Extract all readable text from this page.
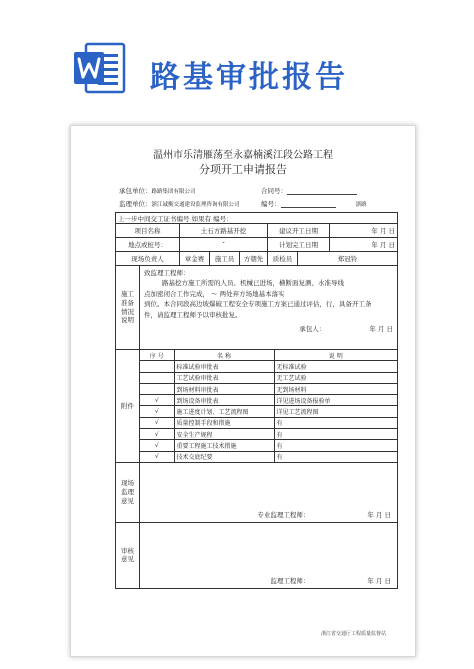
路基审批报告
温州市乐清雁荡至永嘉楠溪江段公路工程
分项开工申请报告
承包单位：路路集团有限公司	合同号：
监理单位：浙江诚衡交通建设监理咨询有限公司	编号：	浙路
上一步中间交工证书编号 如果有 编号：
项目名称	土石方路基开挖	建议开工日期	年 月 日
地点或桩号：	ˇ	计划完工日期	年 月 日
现场负责人	章金赛	施工员	方朝先	质检员	郑冠铃
施工准备情况说明	
致监理工程师：
路基挖方施工所需的人员、机械已进场，横断面复测、水准导线
点加密闭合工作完成， ～ 两处弃方场地基本落实
到位。本合同段高边坡爆破工程安全专项施工方案已通过评估，行，具备开工条
件，请监理工程师予以审核批复。
承包人：	年 月 日

附件	
序 号	名 称	说 明
	标准试验审批表	无标准试验
	工艺试验审批表	无工艺试验
	到场材料审批表	无到场材料
√	到场设备审批表	详见进场设备报验单
√	施工进度计划、工艺流程图	详见工艺流程图
√	质量控制手段和措施	有
√	安全生产规程	有
√	重要工程施工技术措施	有
√	技术交底纪要	有

现场监理意见	
专业监理工程师：	年 月 日

审核意见	
监理工程师：	年 月 日
浙江省交通厅工程质量监督站
